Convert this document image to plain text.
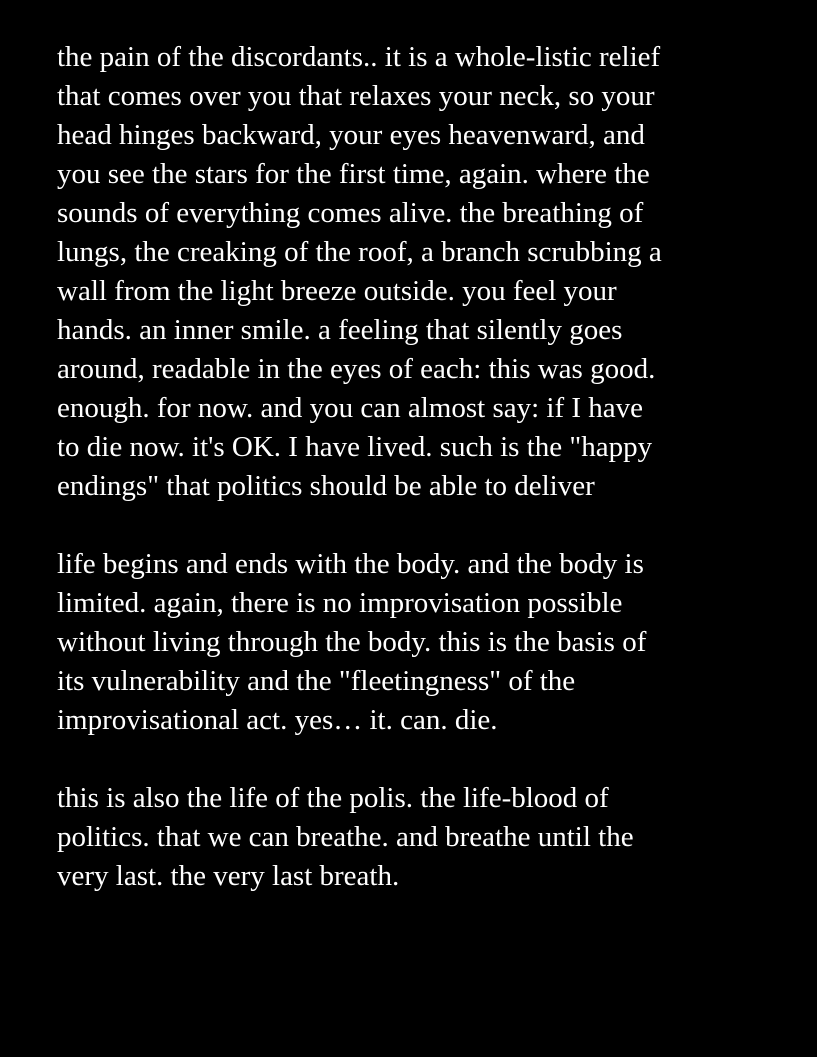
the pain of the discordants.. it is a whole-listic relief
that comes over you that relaxes your neck, so your
head hinges backward, your eyes heavenward, and
you see the stars for the first time, again. where the
sounds of everything comes alive. the breathing of
lungs, the creaking of the roof, a branch scrubbing a
wall from the light breeze outside. you feel your
hands. an inner smile. a feeling that silently goes
around, readable in the eyes of each: this was good.
enough. for now. and you can almost say: if I have
to die now. it's OK. I have lived. such is the "happy
endings" that politics should be able to deliver

life begins and ends with the body. and the body is
limited. again, there is no improvisation possible
without living through the body. this is the basis of
its vulnerability and the "fleetingness" of the
improvisational act. yes… it. can. die.

this is also the life of the polis. the life-blood of
politics. that we can breathe. and breathe until the
very last. the very last breath.
